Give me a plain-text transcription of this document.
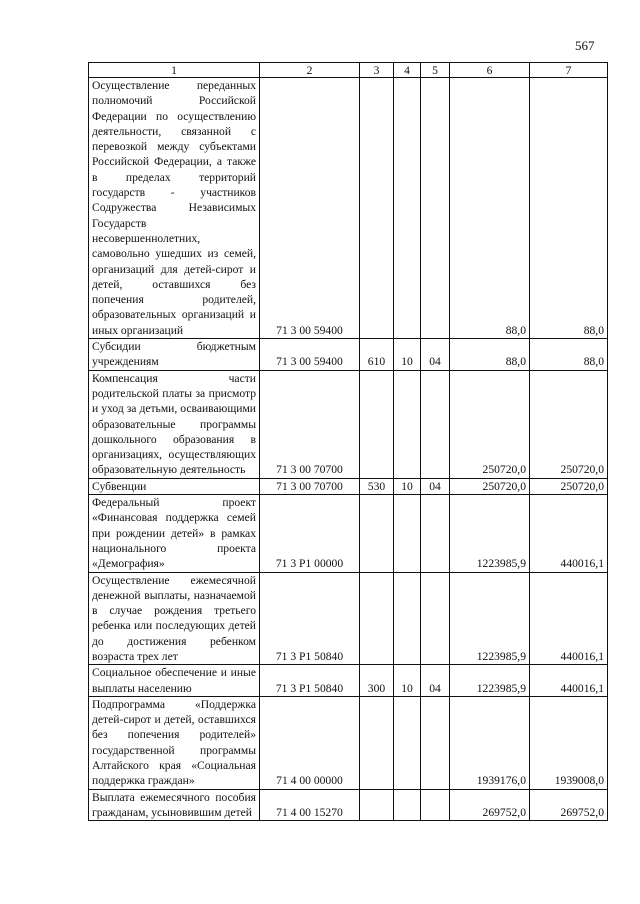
567
1	2	3	4	5	6	7
Осуществление переданных полномочий Российской Федерации по осуществлению деятельности, связанной с перевозкой между субъектами Российской Федерации, а также в пределах территорий государств - участников Содружества Независимых Государств несовершеннолетних, самовольно ушедших из семей, организаций для детей-сирот и детей, оставшихся без попечения родителей, образовательных организаций и иных организаций	71 3 00 59400				88,0	88,0
Субсидии бюджетным учреждениям	71 3 00 59400	610	10	04	88,0	88,0
Компенсация части родительской платы за присмотр и уход за детьми, осваивающими образовательные программы дошкольного образования в организациях, осуществляющих образовательную деятельность	71 3 00 70700				250720,0	250720,0
Субвенции	71 3 00 70700	530	10	04	250720,0	250720,0
Федеральный проект «Финансовая поддержка семей при рождении детей» в рамках национального проекта «Демография»	71 3 P1 00000				1223985,9	440016,1
Осуществление ежемесячной денежной выплаты, назначаемой в случае рождения третьего ребенка или последующих детей до достижения ребенком возраста трех лет	71 3 P1 50840				1223985,9	440016,1
Социальное обеспечение и иные выплаты населению	71 3 P1 50840	300	10	04	1223985,9	440016,1
Подпрограмма «Поддержка детей-сирот и детей, оставшихся без попечения родителей» государственной программы Алтайского края «Социальная поддержка граждан»	71 4 00 00000				1939176,0	1939008,0
Выплата ежемесячного пособия гражданам, усыновившим детей	71 4 00 15270				269752,0	269752,0
